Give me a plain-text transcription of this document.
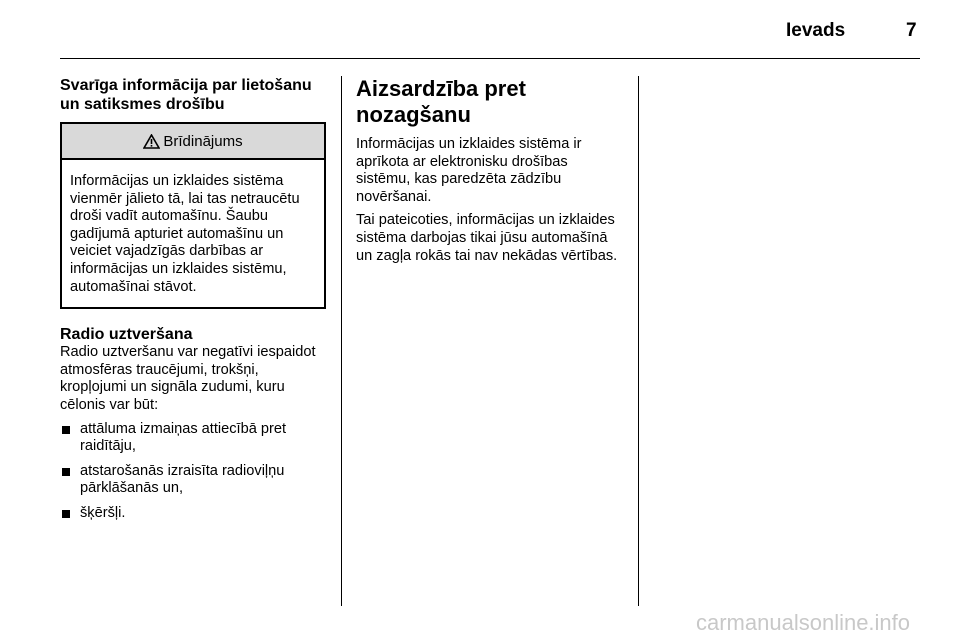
Ievads	7
Svarīga informācija par lietošanu un satiksmes drošību
Brīdinājums
Informācijas un izklaides sistēma vienmēr jālieto tā, lai tas netraucētu droši vadīt automašīnu. Šaubu gadījumā apturiet automašīnu un veiciet vajadzīgās darbības ar informācijas un izklaides sistēmu, automašīnai stāvot.
Radio uztveršana
Radio uztveršanu var negatīvi iespaidot atmosfēras traucējumi, trokšņi, kropļojumi un signāla zudumi, kuru cēlonis var būt:
attāluma izmaiņas attiecībā pret raidītāju,
atstarošanās izraisīta radioviļņu pārklāšanās un,
šķēršļi.
Aizsardzība pret nozagšanu
Informācijas un izklaides sistēma ir aprīkota ar elektronisku drošības sistēmu, kas paredzēta zādzību novēršanai.
Tai pateicoties, informācijas un izklaides sistēma darbojas tikai jūsu automašīnā un zagļa rokās tai nav nekādas vērtības.
carmanualsonline.info
